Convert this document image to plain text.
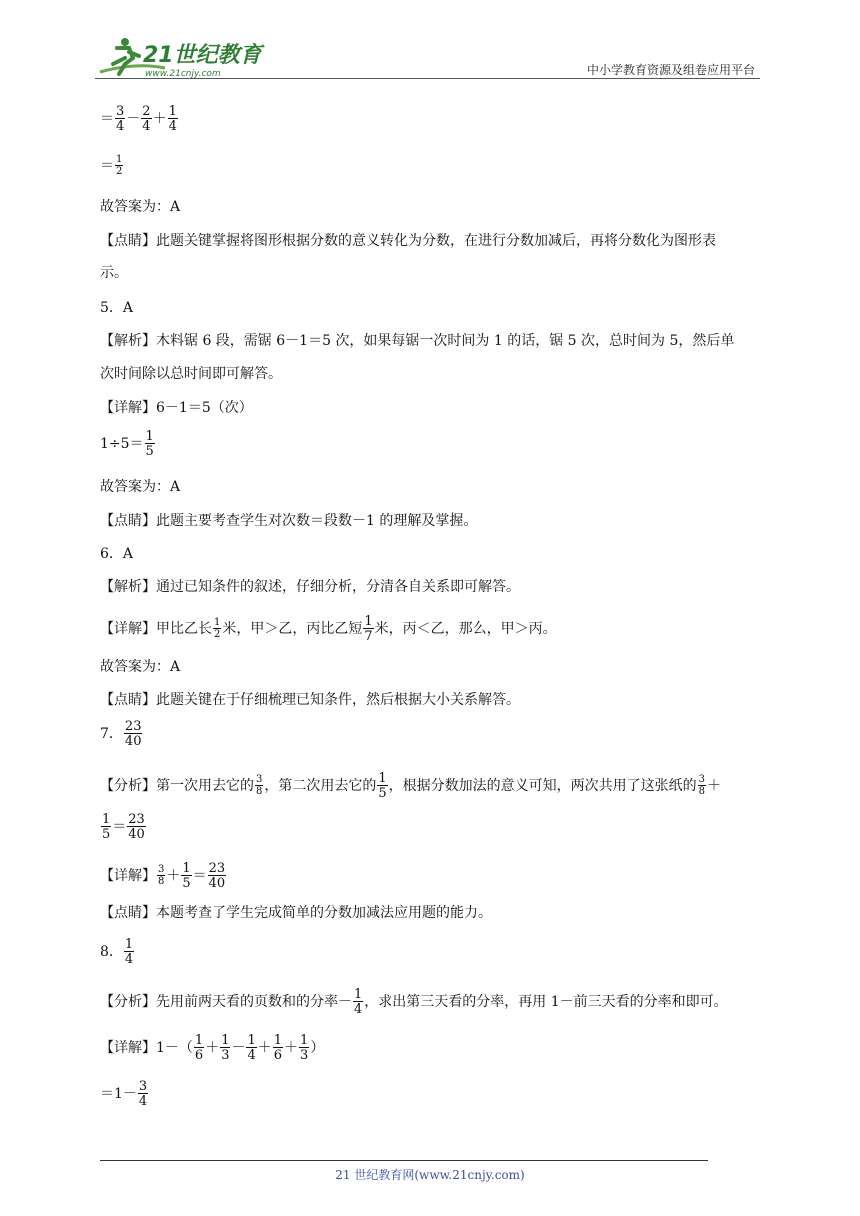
21世纪教育
www.21cnjy.com	中小学教育资源及组卷应用平台
＝ $\frac{3}{4} - \frac{2}{4} + \frac{1}{4}$
＝ $\frac{1}{2}$
故答案为：A
【点睛】此题关键掌握将图形根据分数的意义转化为分数，在进行分数加减后，再将分数化为图形表
示。
5．A
【解析】木料锯 6 段，需锯 6－1＝5 次，如果每锯一次时间为 1 的话，锯 5 次，总时间为 5，然后单
次时间除以总时间即可解答。
【详解】6－1＝5（次）
$1\div 5= \frac{1}{5}$
故答案为：A
【点睛】此题主要考查学生对次数＝段数－1 的理解及掌握。
6．A
【解析】通过已知条件的叙述，仔细分析，分清各自关系即可解答。
【详解】甲比乙长 $\frac{1}{2}$ 米，甲＞乙，丙比乙短 $\frac{1}{7}$ 米，丙＜乙，那么，甲＞丙。
故答案为：A
【点睛】此题关键在于仔细梳理已知条件，然后根据大小关系解答。
7． $\frac{23}{40}$
【分析】第一次用去它的 $\frac{3}{8}$ ，第二次用去它的 $\frac{1}{5}$ ，根据分数加法的意义可知，两次共用了这张纸的 $\frac{3}{8}$ ＋
$\frac{1}{5} = \frac{23}{40}$
【详解】 $\frac{3}{8} + \frac{1}{5} = \frac{23}{40}$
【点睛】本题考查了学生完成简单的分数加减法应用题的能力。
8． $\frac{1}{4}$
【分析】先用前两天看的页数和的分率－ $\frac{1}{4}$ ，求出第三天看的分率，再用 1－前三天看的分率和即可。
【详解】$1-( \frac{1}{6} + \frac{1}{3} - \frac{1}{4} + \frac{1}{6} + \frac{1}{3}$ ）
$=1- \frac{3}{4}$
21 世纪教育网(www.21cnjy.com)
